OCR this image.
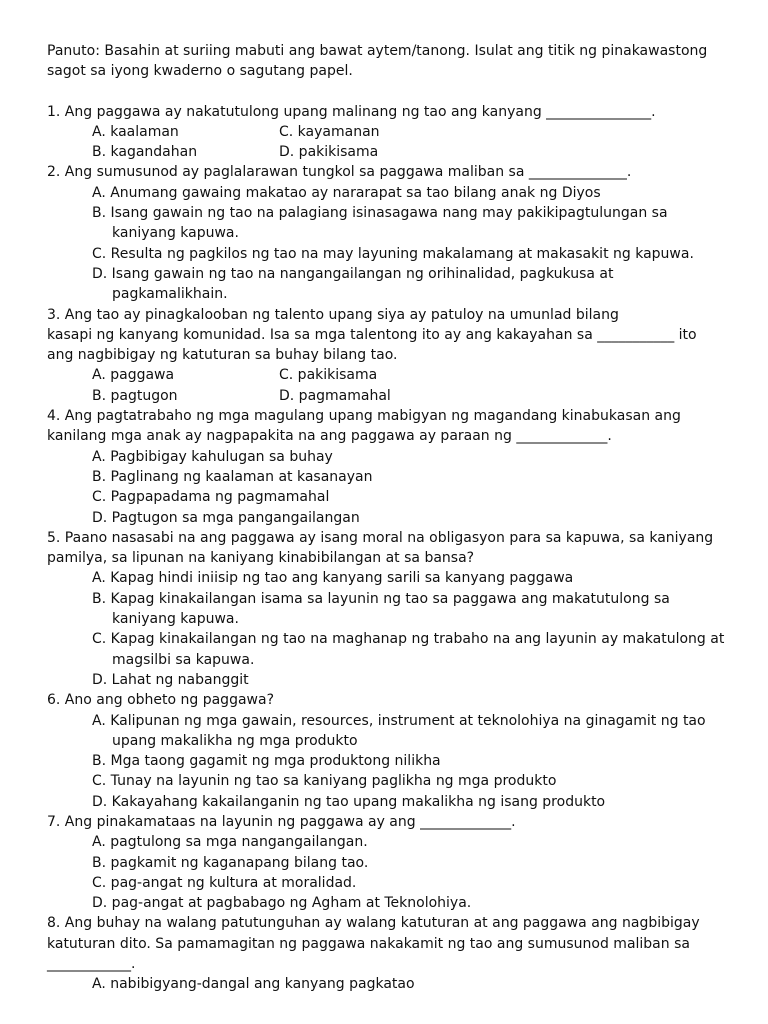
Panuto: Basahin at suriing mabuti ang bawat aytem/tanong. Isulat ang titik ng pinakawastong sagot sa iyong kwaderno o sagutang papel.

1. Ang paggawa ay nakatutulong upang malinang ng tao ang kanyang _______________.

A. kaalaman	C. kayamanan
B. kagandahan	D. pakikisama

2. Ang sumusunod ay paglalarawan tungkol sa paggawa maliban sa ______________.

A. Anumang gawaing makatao ay nararapat sa tao bilang anak ng Diyos
B. Isang gawain ng tao na palagiang isinasagawa nang may pakikipagtulungan sa kaniyang kapuwa.
C. Resulta ng pagkilos ng tao na may layuning makalamang at makasakit ng kapuwa.
D. Isang gawain ng tao na nangangailangan ng orihinalidad, pagkukusa at pagkamalikhain.
3. Ang tao ay pinagkalooban ng talento upang siya ay patuloy na umunlad bilang
kasapi ng kanyang komunidad. Isa sa mga talentong ito ay ang kakayahan sa ___________ ito
ang nagbibigay ng katuturan sa buhay bilang tao.
A. paggawa	C. pakikisama
B. pagtugon	D. pagmamahal

4. Ang pagtatrabaho ng mga magulang upang mabigyan ng magandang kinabukasan ang kanilang mga anak ay nagpapakita na ang paggawa ay paraan ng _____________.

A. Pagbibigay kahulugan sa buhay
B. Paglinang ng kaalaman at kasanayan
C. Pagpapadama ng pagmamahal
D. Pagtugon sa mga pangangailangan

5. Paano nasasabi na ang paggawa ay isang moral na obligasyon para sa kapuwa, sa kaniyang pamilya, sa lipunan na kaniyang kinabibilangan at sa bansa?

A. Kapag hindi iniisip ng tao ang kanyang sarili sa kanyang paggawa
B. Kapag kinakailangan isama sa layunin ng tao sa paggawa ang makatutulong sa kaniyang kapuwa.
C. Kapag kinakailangan ng tao na maghanap ng trabaho na ang layunin ay makatulong at magsilbi sa kapuwa.
D. Lahat ng nabanggit

6. Ano ang obheto ng paggawa?

A. Kalipunan ng mga gawain, resources, instrument at teknolohiya na ginagamit ng tao upang makalikha ng mga produkto
B. Mga taong gagamit ng mga produktong nilikha
C. Tunay na layunin ng tao sa kaniyang paglikha ng mga produkto
D. Kakayahang kakailanganin ng tao upang makalikha ng isang produkto

7. Ang pinakamataas na layunin ng paggawa ay ang _____________.

A. pagtulong sa mga nangangailangan.
B. pagkamit ng kaganapang bilang tao.
C. pag-angat ng kultura at moralidad.
D. pag-angat at pagbabago ng Agham at Teknolohiya.

8. Ang buhay na walang patutunguhan ay walang katuturan at ang paggawa ang nagbibigay katuturan dito. Sa pamamagitan ng paggawa nakakamit ng tao ang sumusunod maliban sa ____________.

A. nabibigyang-dangal ang kanyang pagkatao
